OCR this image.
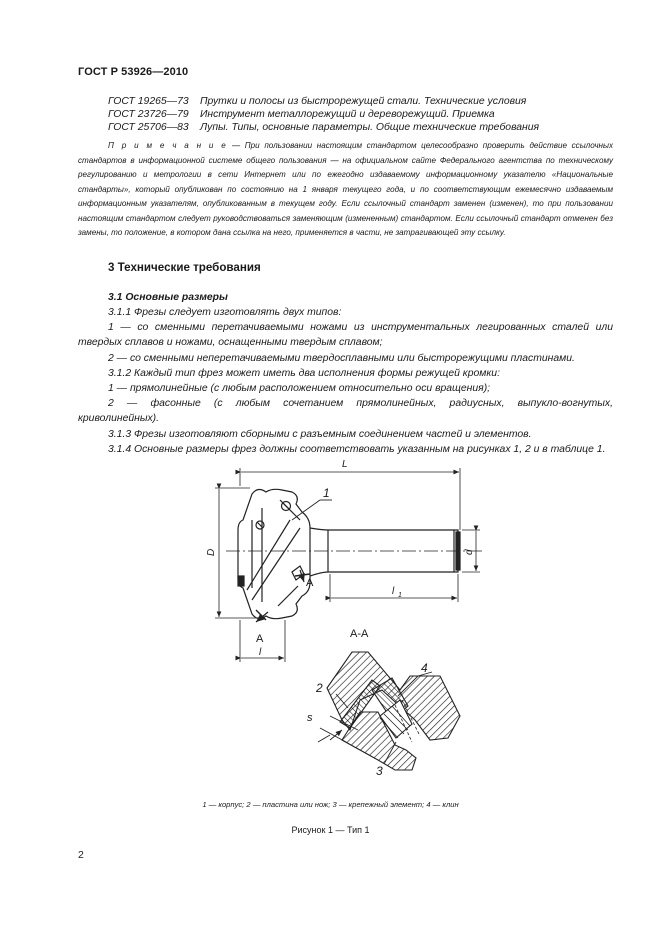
ГОСТ Р 53926—2010
ГОСТ 19265—73 Прутки и полосы из быстрорежущей стали. Технические условия
ГОСТ 23726—79 Инструмент металлорежущий и дереворежущий. Приемка
ГОСТ 25706—83 Лупы. Типы, основные параметры. Общие технические требования
П р и м е ч а н и е — При пользовании настоящим стандартом целесообразно проверить действие ссылочных стандартов в информационной системе общего пользования — на официальном сайте Федерального агентства по техническому регулированию и метрологии в сети Интернет или по ежегодно издаваемому информационному указателю «Национальные стандарты», который опубликован по состоянию на 1 января текущего года, и по соответствующим ежемесячно издаваемым информационным указателям, опубликованным в текущем году. Если ссылочный стандарт заменен (изменен), то при пользовании настоящим стандартом следует руководствоваться заменяющим (измененным) стандартом. Если ссылочный стандарт отменен без замены, то положение, в котором дана ссылка на него, применяется в части, не затрагивающей эту ссылку.
3 Технические требования
3.1 Основные размеры

3.1.1 Фрезы следует изготовлять двух типов:

1 — со сменными перетачиваемыми ножами из инструментальных легированных сталей или твердых сплавов и ножами, оснащенными твердым сплавом;

2 — со сменными неперетачиваемыми твердосплавными или быстрорежущими пластинами.

3.1.2 Каждый тип фрез может иметь два исполнения формы режущей кромки:

1 — прямолинейные (с любым расположением относительно оси вращения);

2 — фасонные (с любым сочетанием прямолинейных, радиусных, выпукло-вогнутых, криволинейных).

3.1.3 Фрезы изготовляют сборными с разъемным соединением частей и элементов.

3.1.4 Основные размеры фрез должны соответствовать указанным на рисунках 1, 2 и в таблице 1.

L
D	d
l 1
l
1
А
А	А-А
s
2
3
4
1 — корпус; 2 — пластина или нож; 3 — крепежный элемент; 4 — клин
Рисунок 1 — Тип 1
2
